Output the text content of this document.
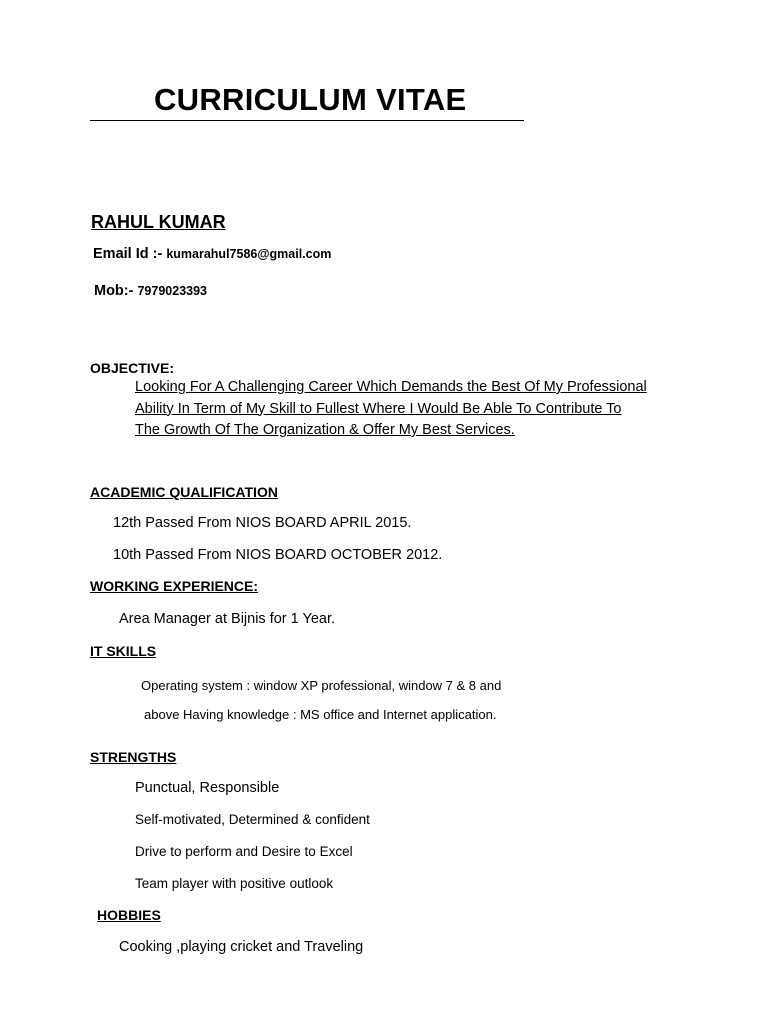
CURRICULUM VITAE
RAHUL KUMAR
Email Id :- kumarahul7586@gmail.com
Mob:- 7979023393
OBJECTIVE:
Looking For A Challenging Career Which Demands the Best Of My Professional
Ability In Term of My Skill to Fullest Where I Would Be Able To Contribute To
The Growth Of The Organization & Offer My Best Services.
ACADEMIC QUALIFICATION
12th Passed From NIOS BOARD APRIL 2015.
10th Passed From NIOS BOARD OCTOBER 2012.
WORKING EXPERIENCE:
Area Manager at Bijnis for 1 Year.
IT SKILLS
Operating system : window XP professional, window 7 & 8 and
above Having knowledge : MS office and Internet application.
STRENGTHS
Punctual, Responsible
Self-motivated, Determined & confident
Drive to perform and Desire to Excel
Team player with positive outlook
HOBBIES
Cooking ,playing cricket and Traveling
